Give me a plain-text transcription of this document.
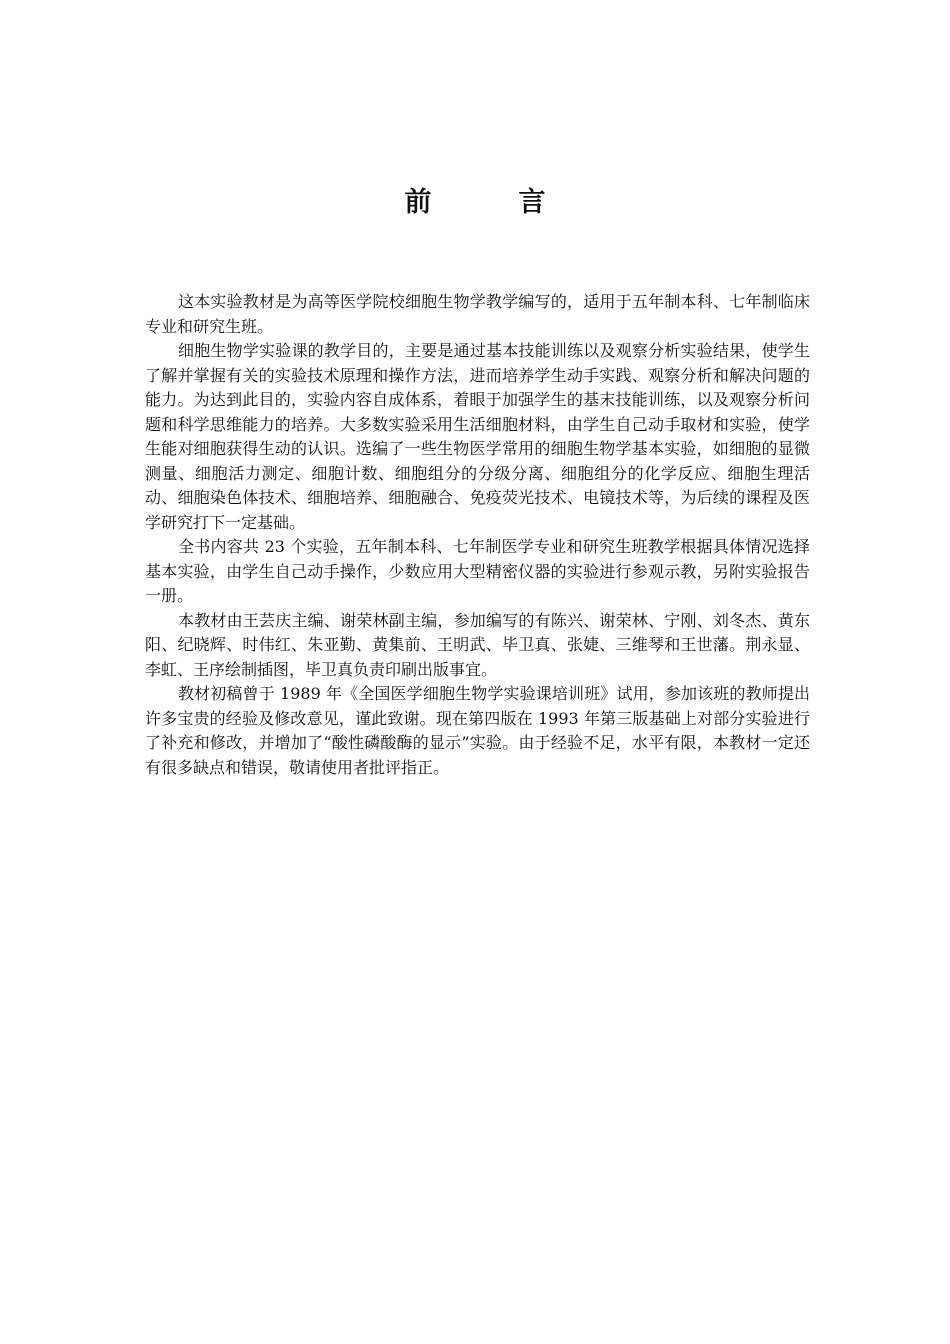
前　言

这本实验教材是为高等医学院校细胞生物学教学编写的，适用于五年制本科、七年制临床专业和研究生班。

细胞生物学实验课的教学目的，主要是通过基本技能训练以及观察分析实验结果，使学生了解并掌握有关的实验技术原理和操作方法，进而培养学生动手实践、观察分析和解决问题的能力。为达到此目的，实验内容自成体系，着眼于加强学生的基末技能训练，以及观察分析问题和科学思维能力的培养。大多数实验采用生活细胞材料，由学生自己动手取材和实验，使学生能对细胞获得生动的认识。选编了一些生物医学常用的细胞生物学基本实验，如细胞的显微测量、细胞活力测定、细胞计数、细胞组分的分级分离、细胞组分的化学反应、细胞生理活动、细胞染色体技术、细胞培养、细胞融合、免疫荧光技术、电镜技术等，为后续的课程及医学研究打下一定基础。

全书内容共 23 个实验，五年制本科、七年制医学专业和研究生班教学根据具体情况选择基本实验，由学生自己动手操作，少数应用大型精密仪器的实验进行参观示教，另附实验报告一册。

本教材由王芸庆主编、谢荣林副主编，参加编写的有陈兴、谢荣林、宁刚、刘冬杰、黄东阳、纪晓辉、时伟红、朱亚勤、黄集前、王明武、毕卫真、张婕、三维琴和王世藩。荆永显、李虹、王序绘制插图，毕卫真负责印刷出版事宜。

教材初稿曾于 1989 年《全国医学细胞生物学实验课培训班》试用，参加该班的教师提出许多宝贵的经验及修改意见，谨此致谢。现在第四版在 1993 年第三版基础上对部分实验进行了补充和修改，并增加了“酸性磷酸酶的显示”实验。由于经验不足，水平有限，本教材一定还有很多缺点和错误，敬请使用者批评指正。
